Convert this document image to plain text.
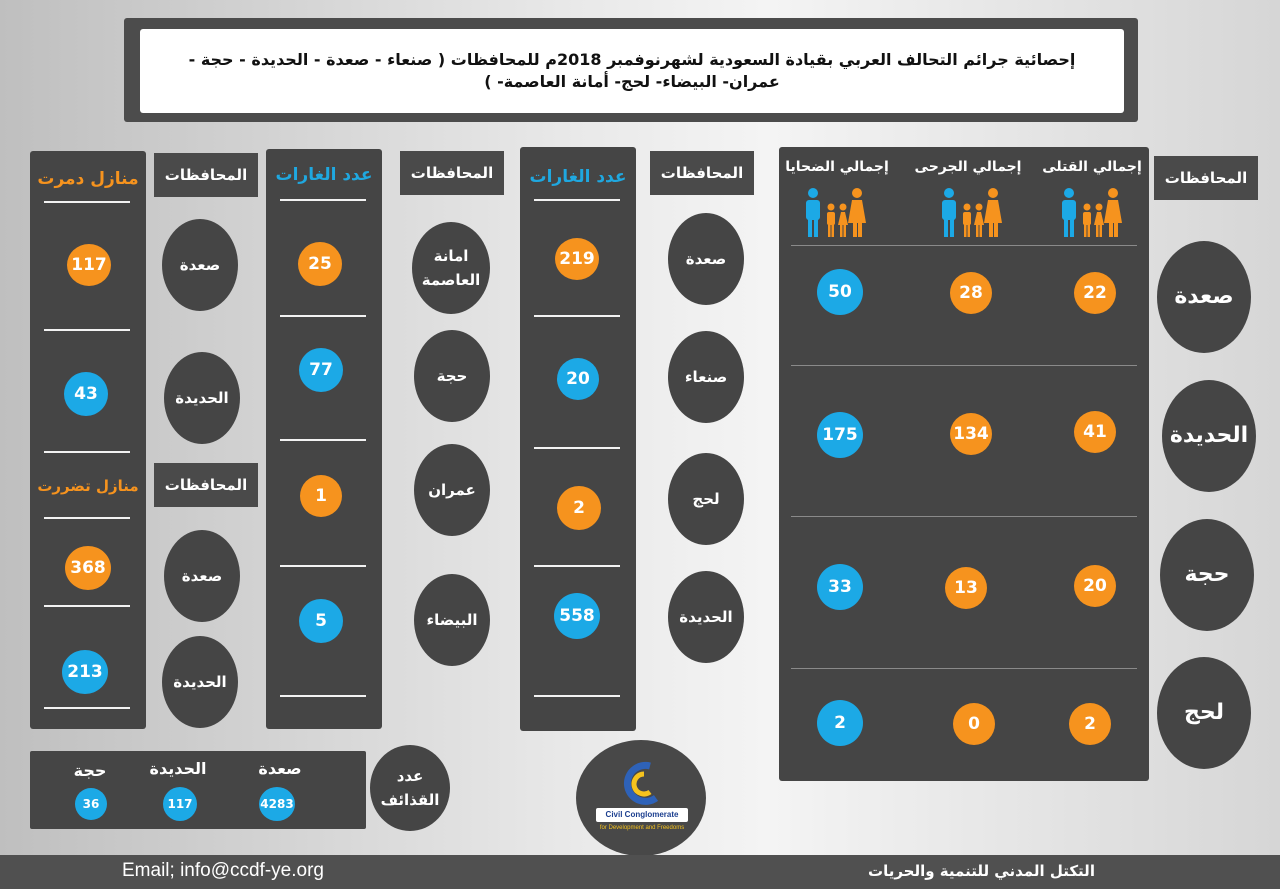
إحصائية جرائم التحالف العربي بقيادة السعودية لشهرنوفمبر 2018م للمحافظات ( صنعاء - صعدة - الحديدة - حجة - عمران- البيضاء- لحج- أمانة العاصمة- )
المحافظات
إجمالي القتلى
إجمالي الجرحى
إجمالي الضحايا
22
28
50
41
134
175
20
13
33
2
0
2
صعدة
الحديدة
حجة
لحج
المحافظات
عدد الغارات
219
20
2
558
صعدة
صنعاء
لحج
الحديدة
المحافظات
عدد الغارات
25
77
1
5
امانة العاصمة
حجة
عمران
البيضاء
المحافظات
المحافظات
منازل دمرت
117
43
منازل تضررت
368
213
صعدة
الحديدة
صعدة
الحديدة
صعدة
الحديدة
حجة
4283
117
36
عدد القذائف
Civil Conglomerate
for Development and Freedoms
Email; info@ccdf-ye.org	التكتل المدني للتنمية والحريات
